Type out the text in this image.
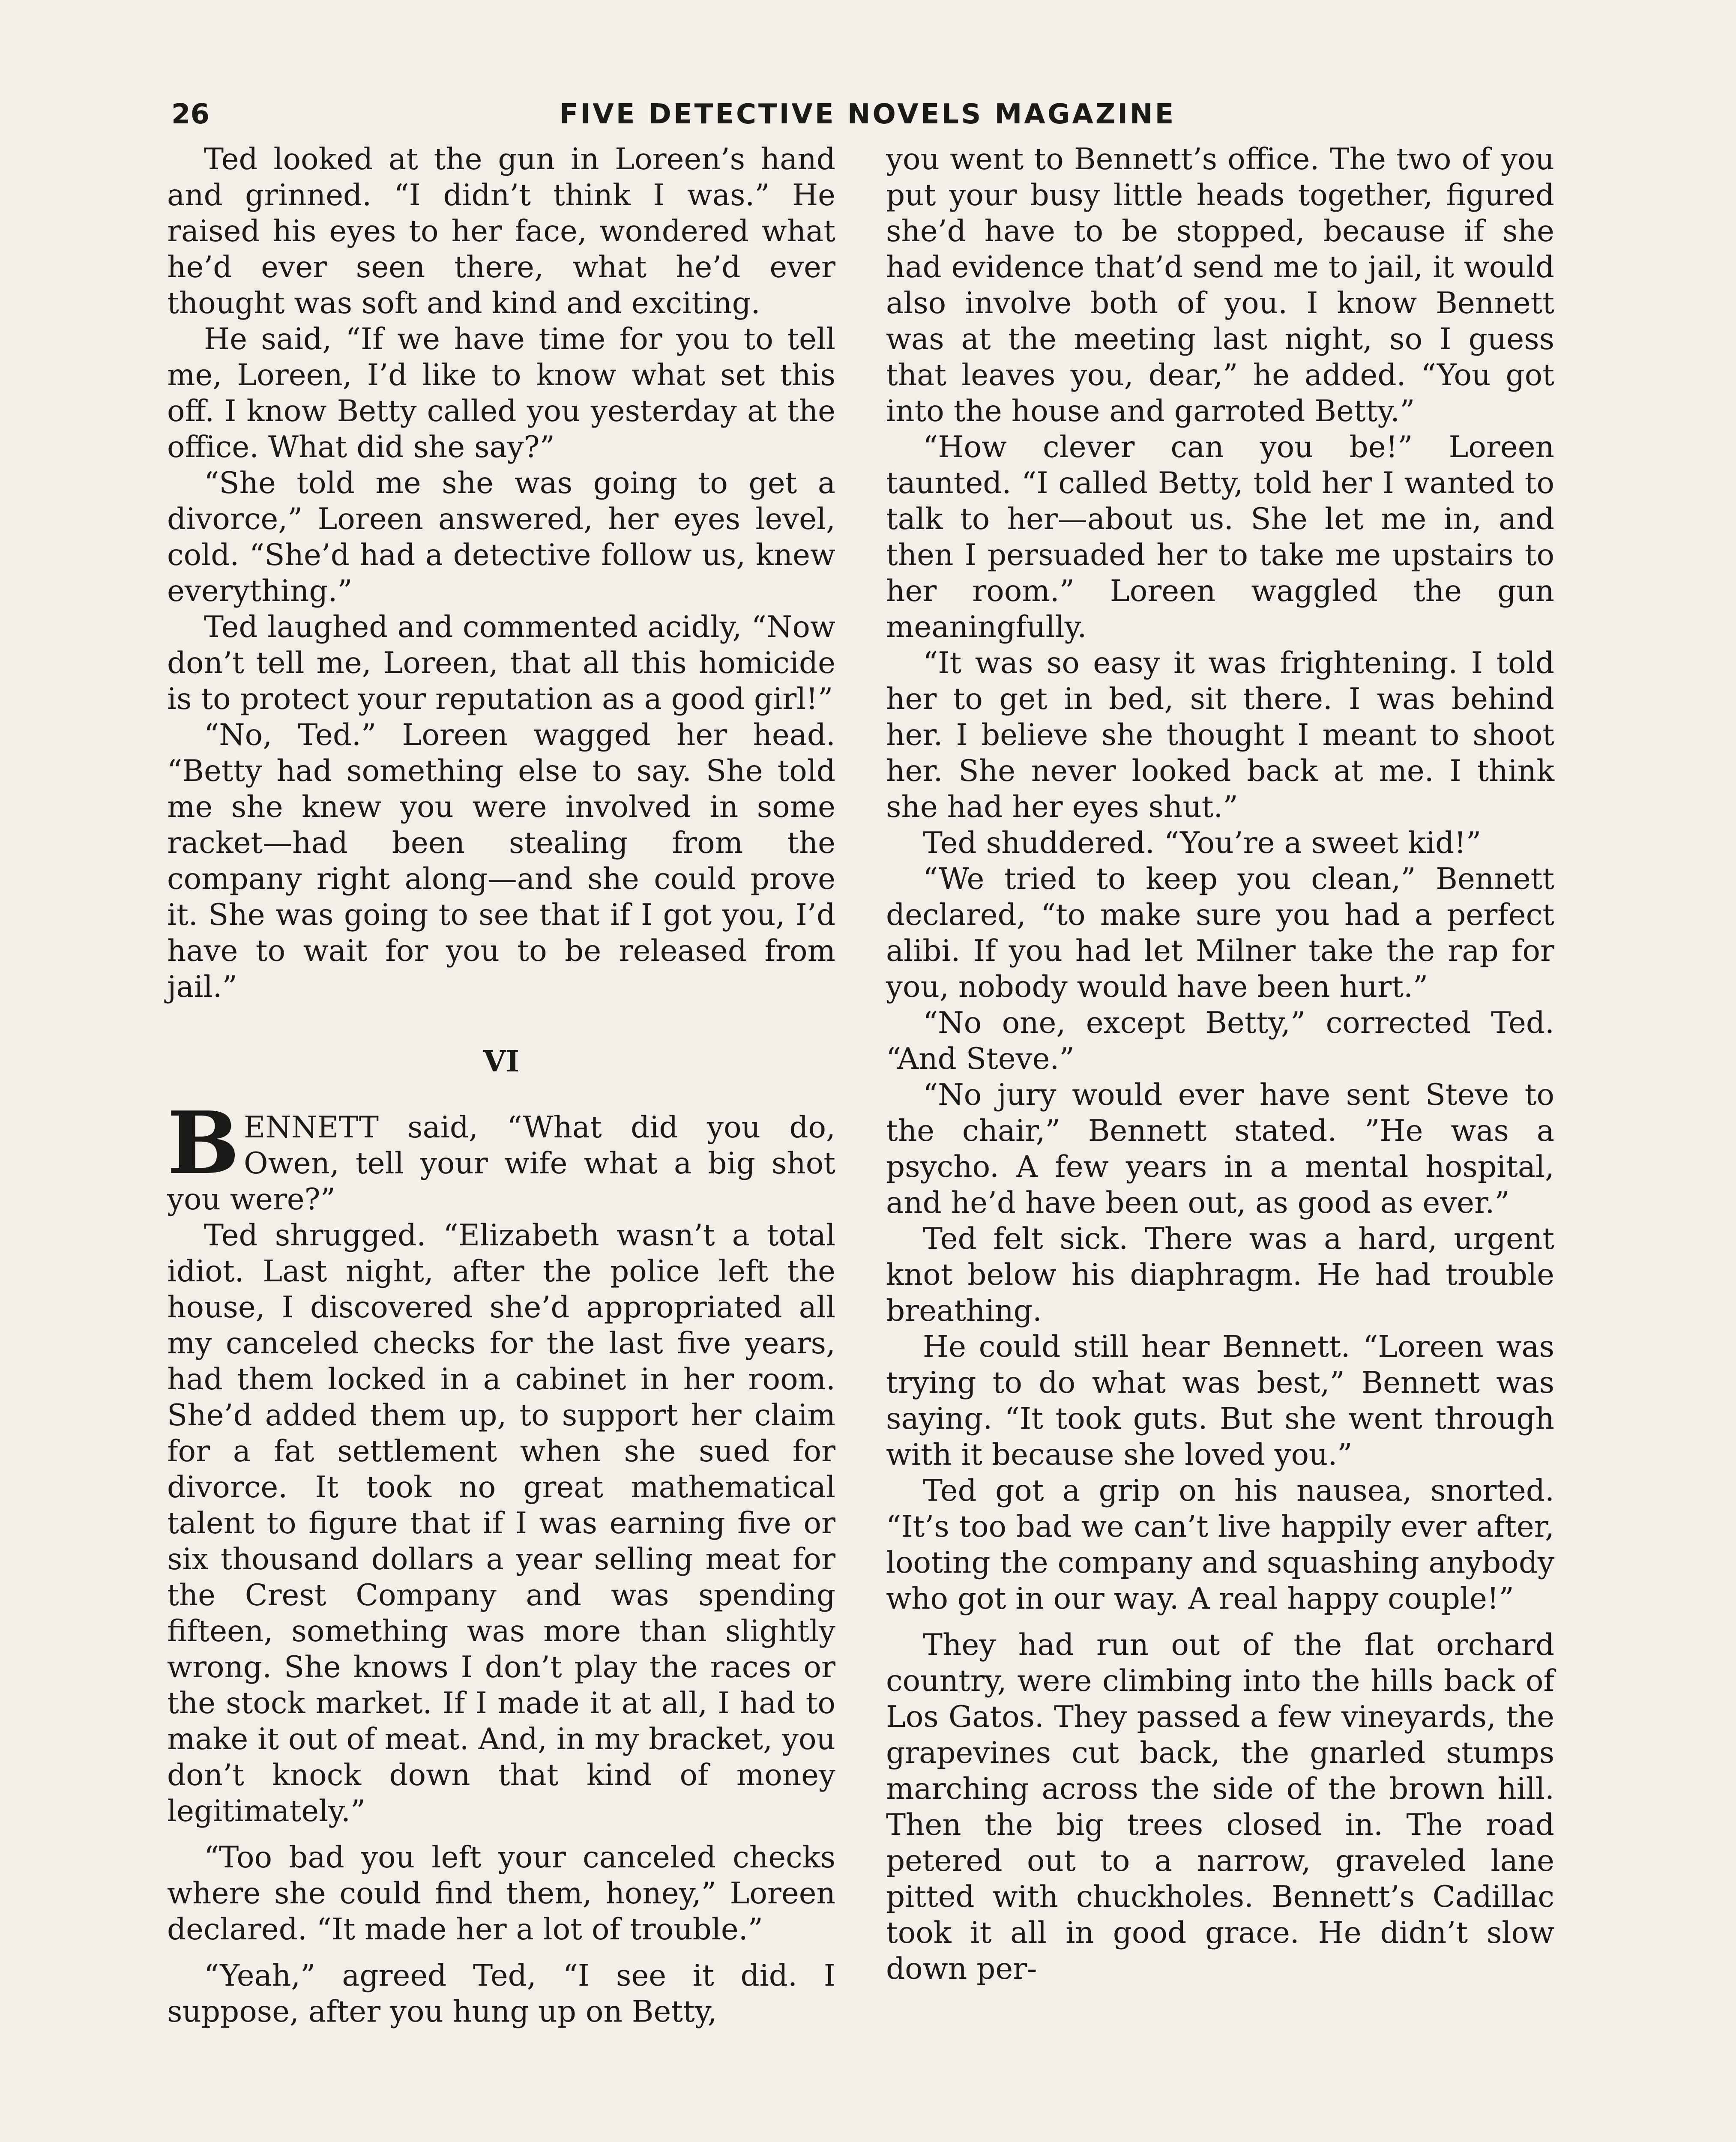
26	FIVE DETECTIVE NOVELS MAGAZINE

Ted looked at the gun in Loreen’s hand and grinned. “I didn’t think I was.” He raised his eyes to her face, wondered what he’d ever seen there, what he’d ever thought was soft and kind and exciting.

He said, “If we have time for you to tell me, Loreen, I’d like to know what set this off. I know Betty called you yesterday at the office. What did she say?”

“She told me she was going to get a divorce,” Loreen answered, her eyes level, cold. “She’d had a detective follow us, knew everything.”

Ted laughed and commented acidly, “Now don’t tell me, Loreen, that all this homicide is to protect your reputation as a good girl!”

“No, Ted.” Loreen wagged her head. “Betty had something else to say. She told me she knew you were involved in some racket—had been stealing from the company right along—and she could prove it. She was going to see that if I got you, I’d have to wait for you to be released from jail.”

VI

BENNETT said, “What did you do, Owen, tell your wife what a big shot you were?”

Ted shrugged. “Elizabeth wasn’t a total idiot. Last night, after the police left the house, I discovered she’d appropriated all my canceled checks for the last five years, had them locked in a cabinet in her room. She’d added them up, to support her claim for a fat settlement when she sued for divorce. It took no great mathematical talent to figure that if I was earning five or six thousand dollars a year selling meat for the Crest Company and was spending fifteen, something was more than slightly wrong. She knows I don’t play the races or the stock market. If I made it at all, I had to make it out of meat. And, in my bracket, you don’t knock down that kind of money legitimately.”

“Too bad you left your canceled checks where she could find them, honey,” Loreen declared. “It made her a lot of trouble.”

“Yeah,” agreed Ted, “I see it did. I suppose, after you hung up on Betty,

you went to Bennett’s office. The two of you put your busy little heads together, figured she’d have to be stopped, because if she had evidence that’d send me to jail, it would also involve both of you. I know Bennett was at the meeting last night, so I guess that leaves you, dear,” he added. “You got into the house and garroted Betty.”

“How clever can you be!” Loreen taunted. “I called Betty, told her I wanted to talk to her—about us. She let me in, and then I persuaded her to take me upstairs to her room.” Loreen waggled the gun meaningfully.

“It was so easy it was frightening. I told her to get in bed, sit there. I was behind her. I believe she thought I meant to shoot her. She never looked back at me. I think she had her eyes shut.”

Ted shuddered. “You’re a sweet kid!”

“We tried to keep you clean,” Bennett declared, “to make sure you had a perfect alibi. If you had let Milner take the rap for you, nobody would have been hurt.”

“No one, except Betty,” corrected Ted. “And Steve.”

“No jury would ever have sent Steve to the chair,” Bennett stated. ”He was a psycho. A few years in a mental hospital, and he’d have been out, as good as ever.”

Ted felt sick. There was a hard, urgent knot below his diaphragm. He had trouble breathing.

He could still hear Bennett. “Loreen was trying to do what was best,” Bennett was saying. “It took guts. But she went through with it because she loved you.”

Ted got a grip on his nausea, snorted. “It’s too bad we can’t live happily ever after, looting the company and squashing anybody who got in our way. A real happy couple!”

They had run out of the flat orchard country, were climbing into the hills back of Los Gatos. They passed a few vineyards, the grapevines cut back, the gnarled stumps marching across the side of the brown hill. Then the big trees closed in. The road petered out to a narrow, graveled lane pitted with chuckholes. Bennett’s Cadillac took it all in good grace. He didn’t slow down per-
